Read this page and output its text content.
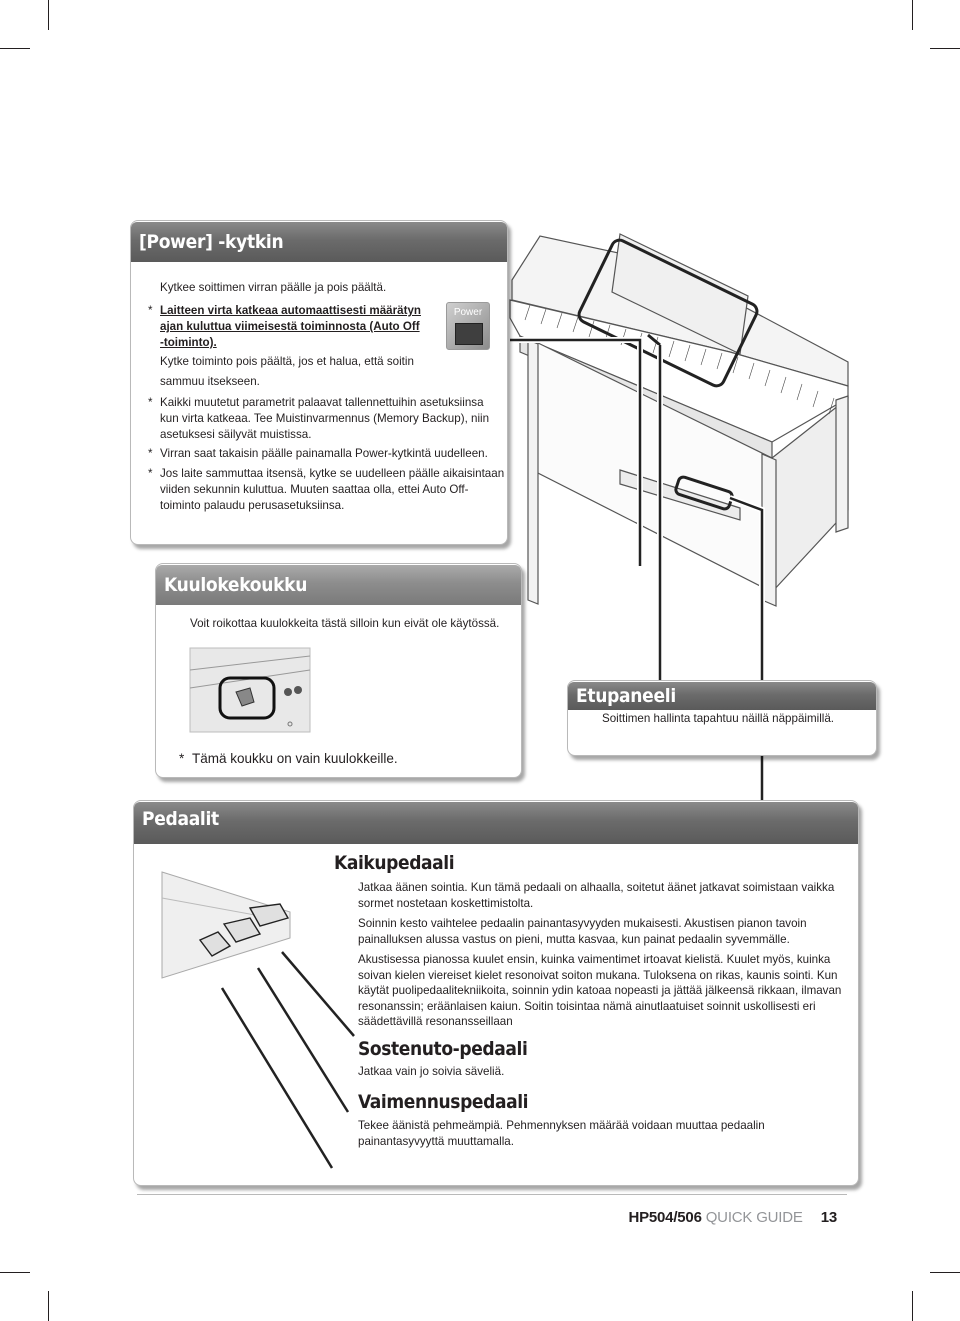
[Power] -kytkin
Kytkee soittimen virran päälle ja pois päältä.
* Laitteen virta katkeaa automaattisesti määrätyn
ajan kuluttua viimeisestä toiminnosta (Auto Off
-toiminto).
Kytke toiminto pois päältä, jos et halua, että soitin
sammuu itsekseen.
* Kaikki muutetut parametrit palaavat tallennettuihin asetuksiinsa
kun virta katkeaa. Tee Muistinvarmennus (Memory Backup), niin
asetuksesi säilyvät muistissa.
* Virran saat takaisin päälle painamalla Power-kytkintä uudelleen.
* Jos laite sammuttaa itsensä, kytke se uudelleen päälle aikaisintaan
viiden sekunnin kuluttua. Muuten saattaa olla, ettei Auto Off-
toiminto palaudu perusasetuksiinsa.
Power
Kuulokekoukku
Voit roikottaa kuulokkeita tästä silloin kun eivät ole käytössä.
* Tämä koukku on vain kuulokkeille.
Etupaneeli
Soittimen hallinta tapahtuu näillä näppäimillä.
Pedaalit
Kaikupedaali
Jatkaa äänen sointia. Kun tämä pedaali on alhaalla, soitetut äänet jatkavat soimistaan vaikka
sormet nostetaan koskettimistolta.
Soinnin kesto vaihtelee pedaalin painantasyvyyden mukaisesti. Akustisen pianon tavoin
painalluksen alussa vastus on pieni, mutta kasvaa, kun painat pedaalin syvemmälle.
Akustisessa pianossa kuulet ensin, kuinka vaimentimet irtoavat kielistä. Kuulet myös, kuinka
soivan kielen viereiset kielet resonoivat soiton mukana. Tuloksena on rikas, kaunis sointi. Kun
käytät puolipedaalitekniikoita, soinnin ydin katoaa nopeasti ja jättää jälkeensä rikkaan, ilmavan
resonanssin; eräänlaisen kaiun. Soitin toisintaa nämä ainutlaatuiset soinnit uskollisesti eri
säädettävillä resonansseillaan
Sostenuto-pedaali
Jatkaa vain jo soivia säveliä.
Vaimennuspedaali
Tekee äänistä pehmeämpiä. Pehmennyksen määrää voidaan muuttaa pedaalin
painantasyvyyttä muuttamalla.
HP504/506 QUICK GUIDE 13
